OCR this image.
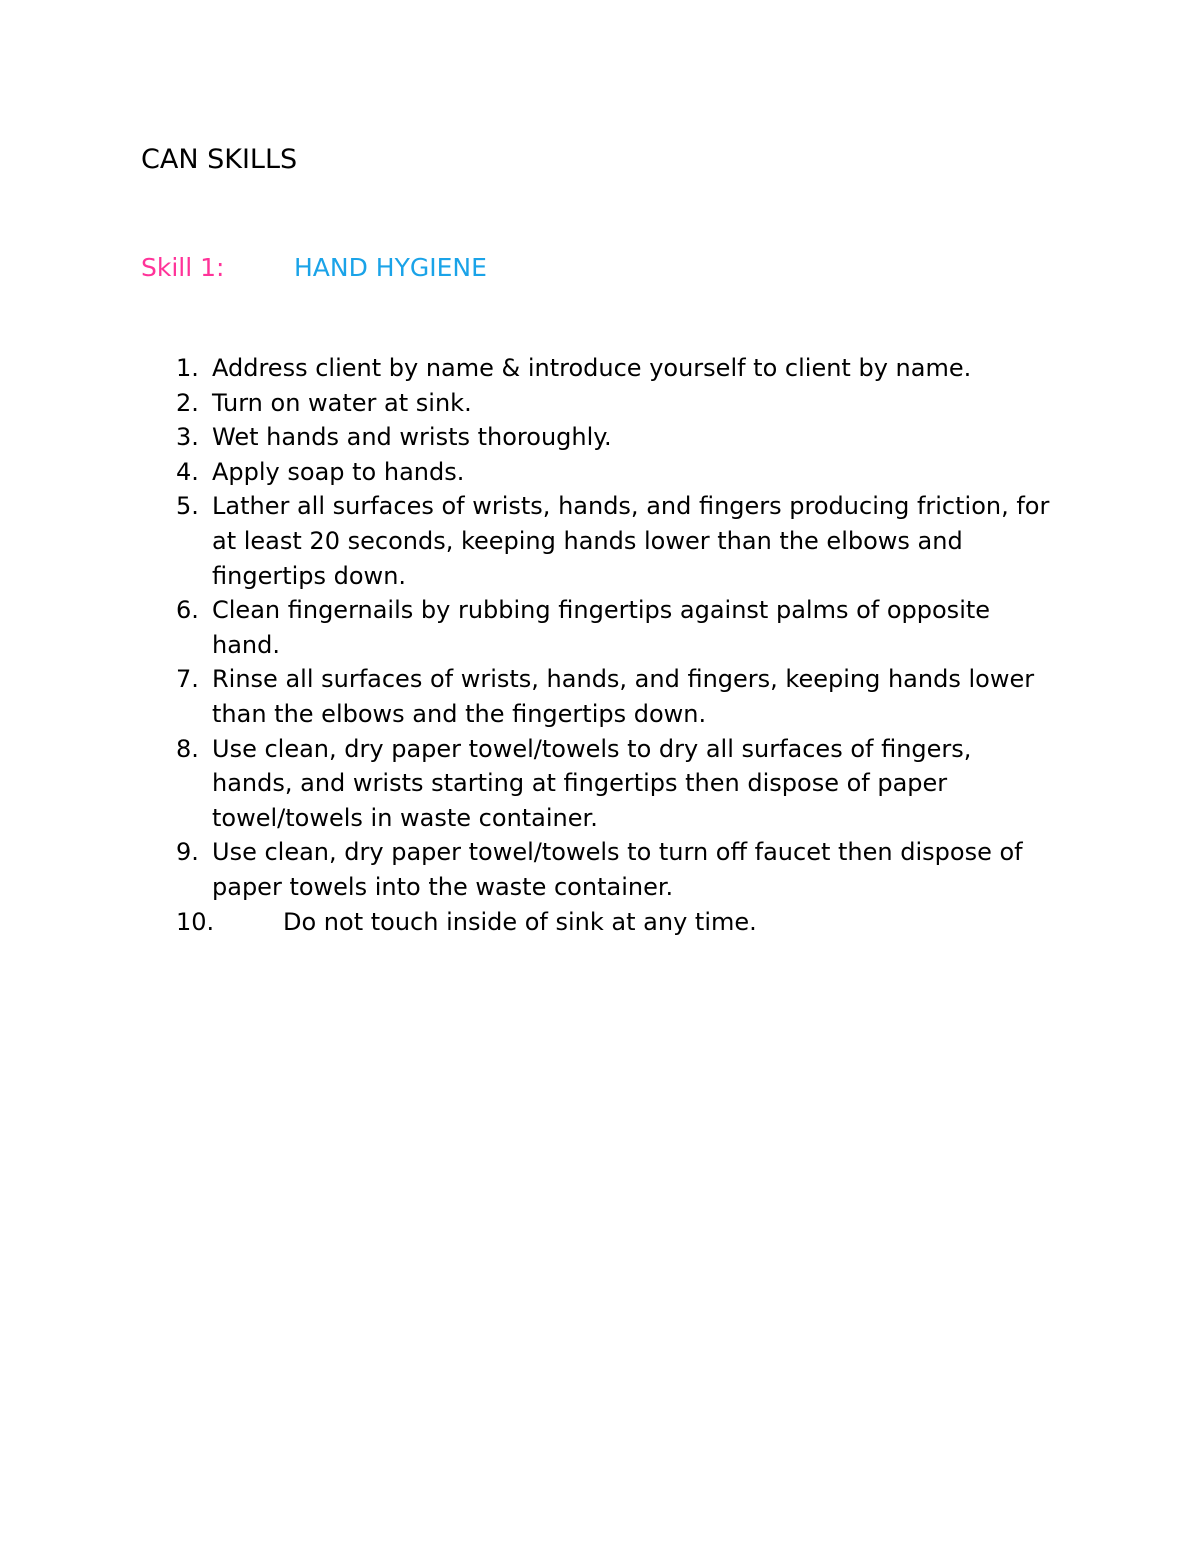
CAN SKILLS
Skill 1:	HAND HYGIENE
1. Address client by name & introduce yourself to client by name.
2. Turn on water at sink.
3. Wet hands and wrists thoroughly.
4. Apply soap to hands.
5. Lather all surfaces of wrists, hands, and fingers producing friction, for at least 20 seconds, keeping hands lower than the elbows and fingertips down.
6. Clean fingernails by rubbing fingertips against palms of opposite hand.
7. Rinse all surfaces of wrists, hands, and fingers, keeping hands lower than the elbows and the fingertips down.
8. Use clean, dry paper towel/towels to dry all surfaces of fingers, hands, and wrists starting at fingertips then dispose of paper towel/towels in waste container.
9. Use clean, dry paper towel/towels to turn off faucet then dispose of paper towels into the waste container.
10.	Do not touch inside of sink at any time.
